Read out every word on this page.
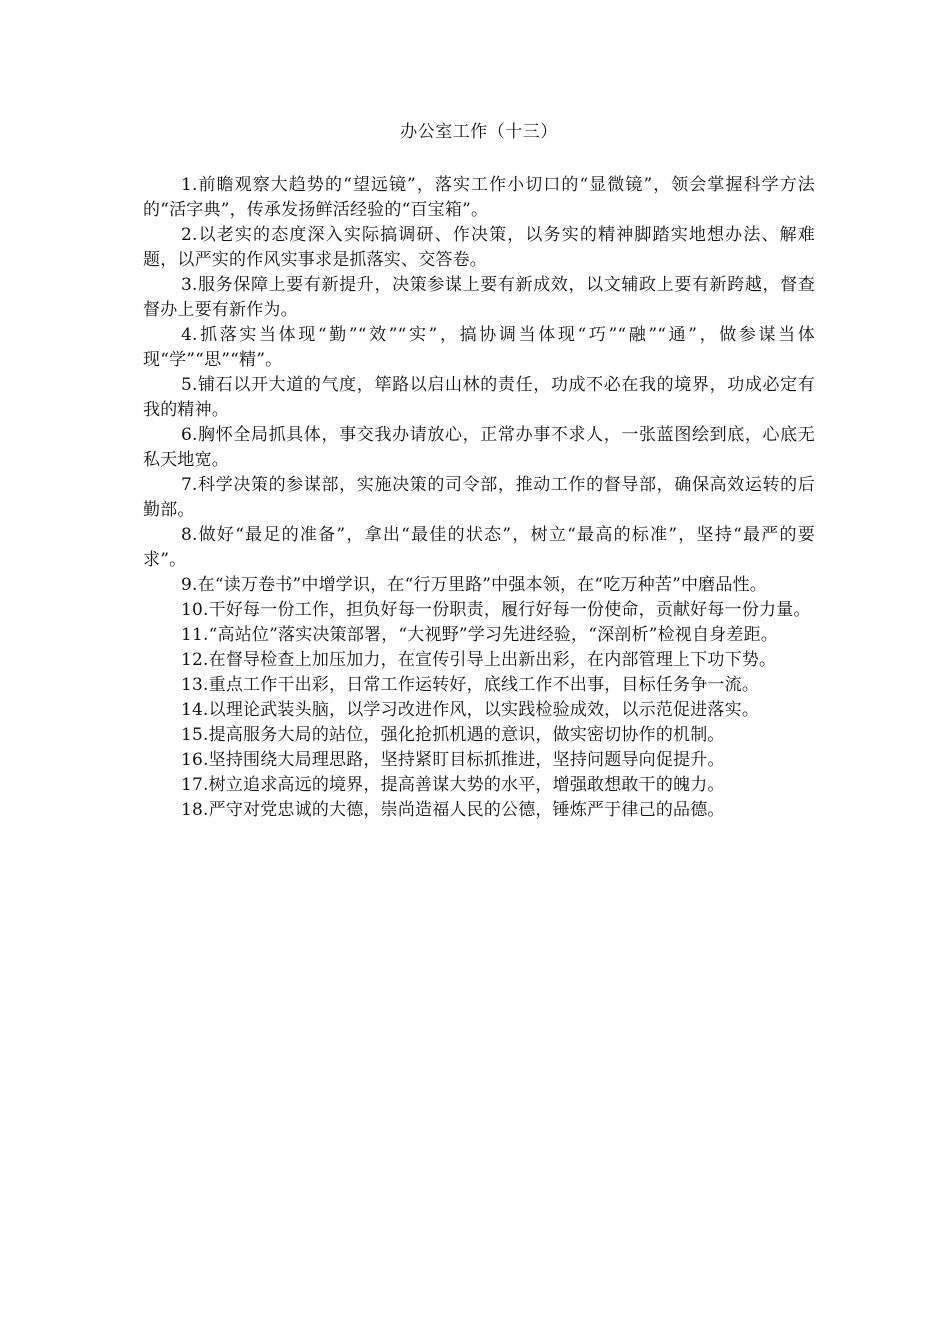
办公室工作（十三）

1.前瞻观察大趋势的“望远镜”，落实工作小切口的“显微镜”，领会掌握科学方法的“活字典”，传承发扬鲜活经验的“百宝箱”。

2.以老实的态度深入实际搞调研、作决策，以务实的精神脚踏实地想办法、解难题，以严实的作风实事求是抓落实、交答卷。

3.服务保障上要有新提升，决策参谋上要有新成效，以文辅政上要有新跨越，督查督办上要有新作为。

4.抓落实当体现“勤”“效”“实”，搞协调当体现“巧”“融”“通”，做参谋当体现“学”“思”“精”。

5.铺石以开大道的气度，筚路以启山林的责任，功成不必在我的境界，功成必定有我的精神。

6.胸怀全局抓具体，事交我办请放心，正常办事不求人，一张蓝图绘到底，心底无私天地宽。

7.科学决策的参谋部，实施决策的司令部，推动工作的督导部，确保高效运转的后勤部。

8.做好“最足的准备”，拿出“最佳的状态”，树立“最高的标准”，坚持“最严的要求”。

9.在“读万卷书”中增学识，在“行万里路”中强本领，在“吃万种苦”中磨品性。

10.干好每一份工作，担负好每一份职责，履行好每一份使命，贡献好每一份力量。

11.“高站位”落实决策部署，“大视野”学习先进经验，“深剖析”检视自身差距。

12.在督导检查上加压加力，在宣传引导上出新出彩，在内部管理上下功下势。

13.重点工作干出彩，日常工作运转好，底线工作不出事，目标任务争一流。

14.以理论武装头脑，以学习改进作风，以实践检验成效，以示范促进落实。

15.提高服务大局的站位，强化抢抓机遇的意识，做实密切协作的机制。

16.坚持围绕大局理思路，坚持紧盯目标抓推进，坚持问题导向促提升。

17.树立追求高远的境界，提高善谋大势的水平，增强敢想敢干的魄力。

18.严守对党忠诚的大德，崇尚造福人民的公德，锤炼严于律己的品德。
